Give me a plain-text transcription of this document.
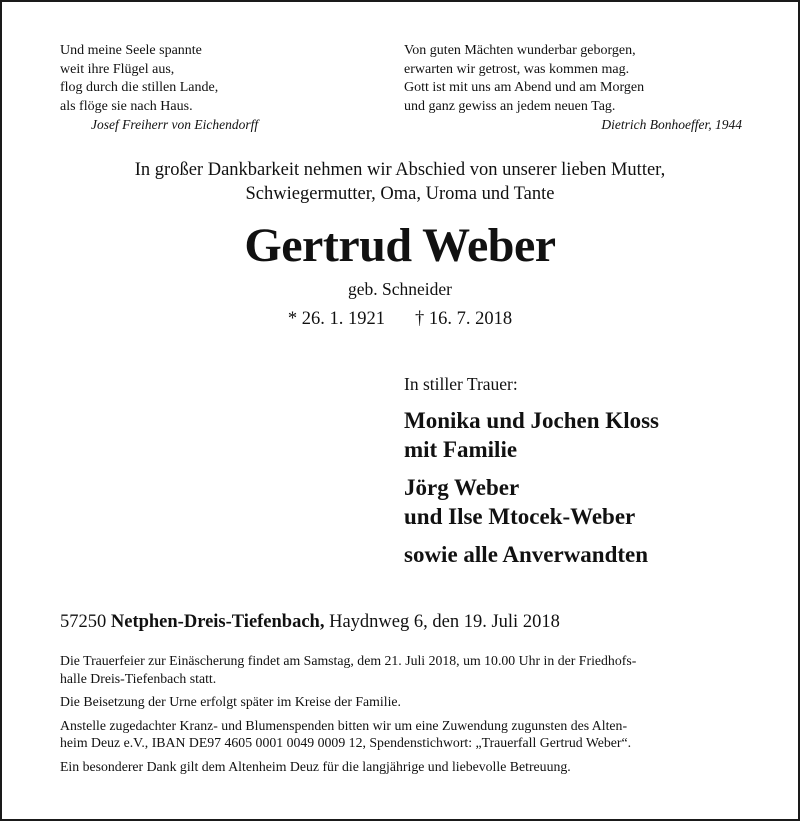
Und meine Seele spannte
weit ihre Flügel aus,
flog durch die stillen Lande,
als flöge sie nach Haus.
Josef Freiherr von Eichendorff
Von guten Mächten wunderbar geborgen,
erwarten wir getrost, was kommen mag.
Gott ist mit uns am Abend und am Morgen
und ganz gewiss an jedem neuen Tag.
Dietrich Bonhoeffer, 1944
In großer Dankbarkeit nehmen wir Abschied von unserer lieben Mutter,
Schwiegermutter, Oma, Uroma und Tante
Gertrud Weber
geb. Schneider
* 26. 1. 1921 † 16. 7. 2018
In stiller Trauer:
Monika und Jochen Kloss
mit Familie
Jörg Weber
und Ilse Mtocek-Weber
sowie alle Anverwandten
57250 Netphen-Dreis-Tiefenbach, Haydnweg 6, den 19. Juli 2018

Die Trauerfeier zur Einäscherung findet am Samstag, dem 21. Juli 2018, um 10.00 Uhr in der Friedhofs-
halle Dreis-Tiefenbach statt.

Die Beisetzung der Urne erfolgt später im Kreise der Familie.

Anstelle zugedachter Kranz- und Blumenspenden bitten wir um eine Zuwendung zugunsten des Alten-
heim Deuz e.V., IBAN DE97 4605 0001 0049 0009 12, Spendenstichwort: „Trauerfall Gertrud Weber“.

Ein besonderer Dank gilt dem Altenheim Deuz für die langjährige und liebevolle Betreuung.
